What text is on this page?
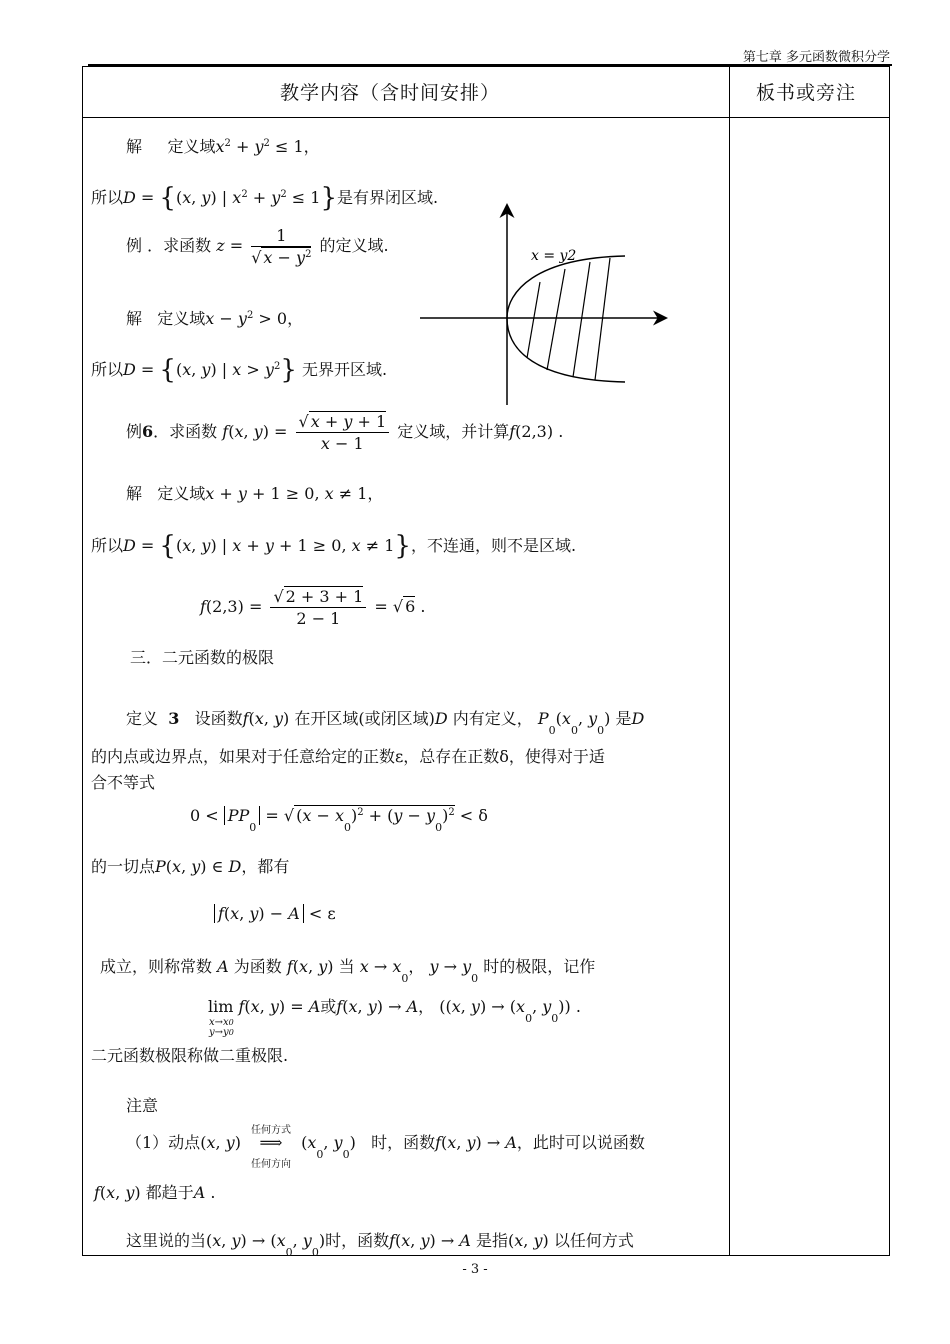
第七章 多元函数微积分学
教学内容（含时间安排）	板书或旁注
解 定义域$x^2 + y^2 \le 1$，
所以D = {(x, y) | $x^2 + y^2 \le 1$}是有界闭区域.
例 ．求函数 $z = \frac{1}{√ x - y^2}$ 的定义域.
解 定义域$x - y^2 > 0$，
所以D = {(x, y) | $x > y^2$} 无界开区域.
x = y2
例6．求函数 f(x, $y) = \frac{√ x + y + 1}{x - 1}$ 定义域，并计算f(2,3) .
解 定义域x + y + 1 ≥ 0, x ≠ 1，
所以D = {(x, y) | x + y + 1 ≥ 0, x ≠ 1}，不连通，则不是区域.
$f(2,3) = \frac{√ 2 + 3 + 1}{2 - 1}$ = √ 6 .
三．二元函数的极限
定义 3 设函数f(x, y) 在开区域(或闭区域)D 内有定义， $P_0(x_0$, $y_0$) 是D
的内点或边界点，如果对于任意给定的正数ε，总存在正数δ，使得对于适
合不等式
$0 < PP_0$ = √ $(x - x_0)^2 + (y - y_0)^2 < \delta$
的一切点P(x, y) ∈ D，都有
f(x, y) − A < ε
成立，则称常数 A 为函数 f(x, y) 当 $x \to x_0$， $y \to y_0$ 时的极限，记作
lim f(x, y) = A或f(x, y) → A， ((x, $y) \to (x_0$, $y_0$)) .
x→x0
y→y0
二元函数极限称做二重极限.
注意
（1）动点(x, y)
任何方式
⟹
任何方向
($x_0$, $y_0$)   时，函数f(x, y) → A，此时可以说函数
f(x, y) 都趋于A .
这里说的当(x, $y) \to (x_0$, $y_0$)时，函数f(x, y) → A 是指(x, y) 以任何方式
- 3 -
